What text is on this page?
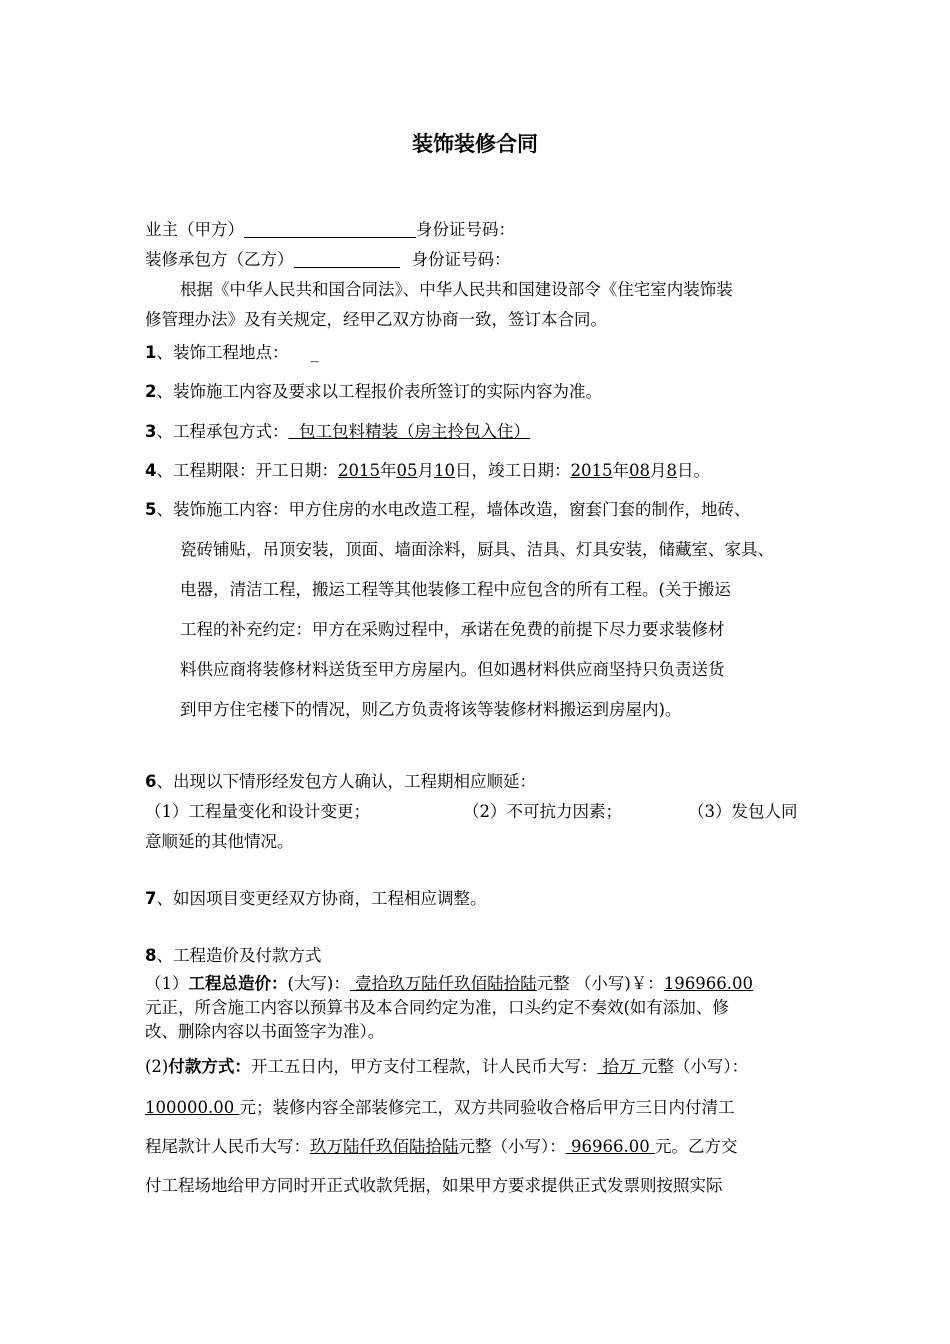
装饰装修合同
业主（甲方）	身份证号码：
装修承包方（乙方）	身份证号码：
根据《中华人民共和国合同法》、中华人民共和国建设部令《住宅室内装饰装
修管理办法》及有关规定，经甲乙双方协商一致，签订本合同。
1、装饰工程地点： _
2、装饰施工内容及要求以工程报价表所签订的实际内容为准。
3、工程承包方式：  包工包料精装（房主拎包入住）
4、工程期限：开工日期：2015年05月10日，竣工日期：2015年08月8日。
5、装饰施工内容：甲方住房的水电改造工程，墙体改造，窗套门套的制作，地砖、
瓷砖铺贴，吊顶安装，顶面、墙面涂料，厨具、洁具、灯具安装，储藏室、家具、
电器，清洁工程，搬运工程等其他装修工程中应包含的所有工程。(关于搬运
工程的补充约定：甲方在采购过程中，承诺在免费的前提下尽力要求装修材
料供应商将装修材料送货至甲方房屋内。但如遇材料供应商坚持只负责送货
到甲方住宅楼下的情况，则乙方负责将该等装修材料搬运到房屋内)。
6、出现以下情形经发包方人确认，工程期相应顺延：
（1）工程量变化和设计变更；	（2）不可抗力因素；	（3）发包人同
意顺延的其他情况。
7、如因项目变更经双方协商，工程相应调整。
8、工程造价及付款方式
（1）工程总造价：(大写)： 壹拾玖万陆仟玖佰陆拾陆元整 （小写)￥：196966.00
元正，所含施工内容以预算书及本合同约定为准，口头约定不奏效(如有添加、修
改、删除内容以书面签字为准）。
(2)付款方式：开工五日内，甲方支付工程款，计人民币大写： 拾万 元整（小写）：
100000.00 元；装修内容全部装修完工，双方共同验收合格后甲方三日内付清工
程尾款计人民币大写：玖万陆仟玖佰陆拾陆元整（小写）： 96966.00 元。乙方交
付工程场地给甲方同时开正式收款凭据，如果甲方要求提供正式发票则按照实际
